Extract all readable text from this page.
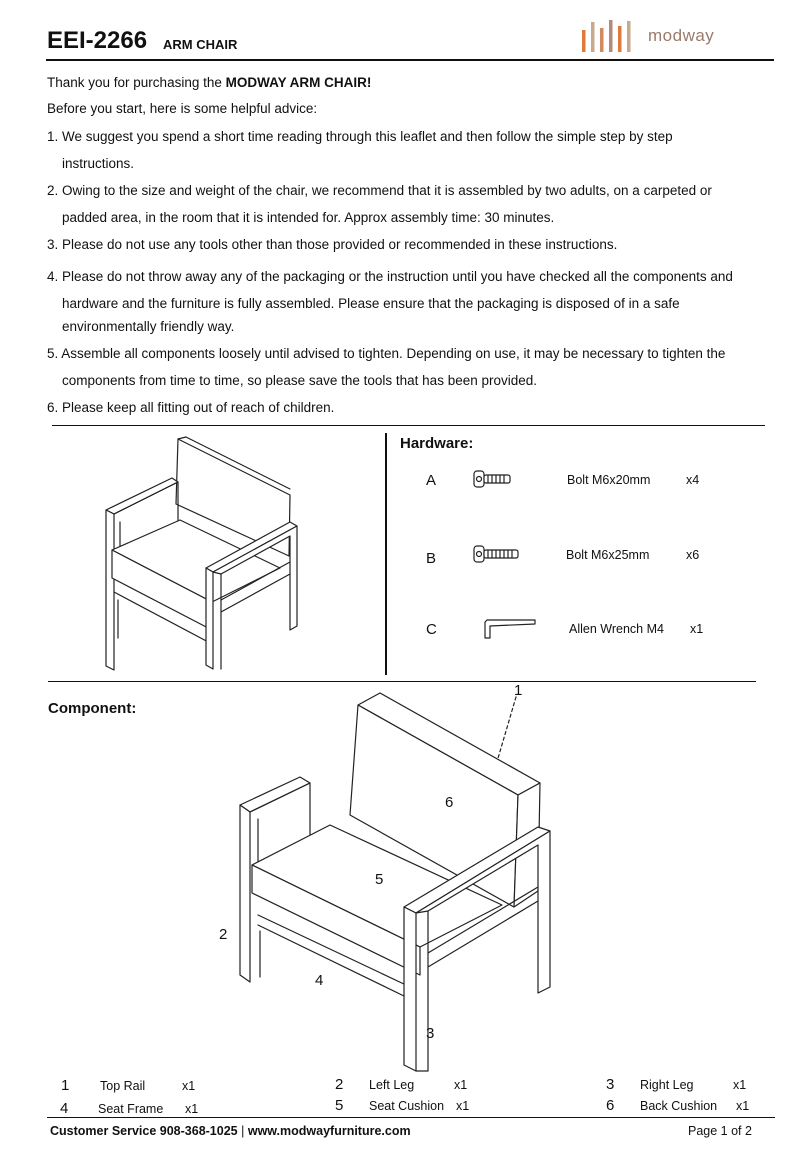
EEI-2266 ARM CHAIR	modway
Thank you for purchasing the MODWAY ARM CHAIR!
Before you start, here is some helpful advice:
1. We suggest you spend a short time reading through this leaflet and then follow the simple step by step
instructions.
2. Owing to the size and weight of the chair, we recommend that it is assembled by two adults, on a carpeted or
padded area, in the room that it is intended for. Approx assembly time: 30 minutes.
3. Please do not use any tools other than those provided or recommended in these instructions.
4. Please do not throw away any of the packaging or the instruction until you have checked all the components and
hardware and the furniture is fully assembled. Please ensure that the packaging is disposed of in a safe
environmentally friendly way.
5. Assemble all components loosely until advised to tighten. Depending on use, it may be necessary to tighten the
components from time to time, so please save the tools that has been provided.
6. Please keep all fitting out of reach of children.
Hardware:
A	Bolt M6x20mm	x4
B	Bolt M6x25mm	x6
C	Allen Wrench M4 x1
Component:
1
6
5
2
4
3
1 Top Rail	x1	2 Left Leg	x1	3 Right Leg	x1
4 Seat Frame x1	5 Seat Cushion x1	6 Back Cushion x1
Customer Service 908-368-1025 | www.modwayfurniture.com	Page 1 of 2
